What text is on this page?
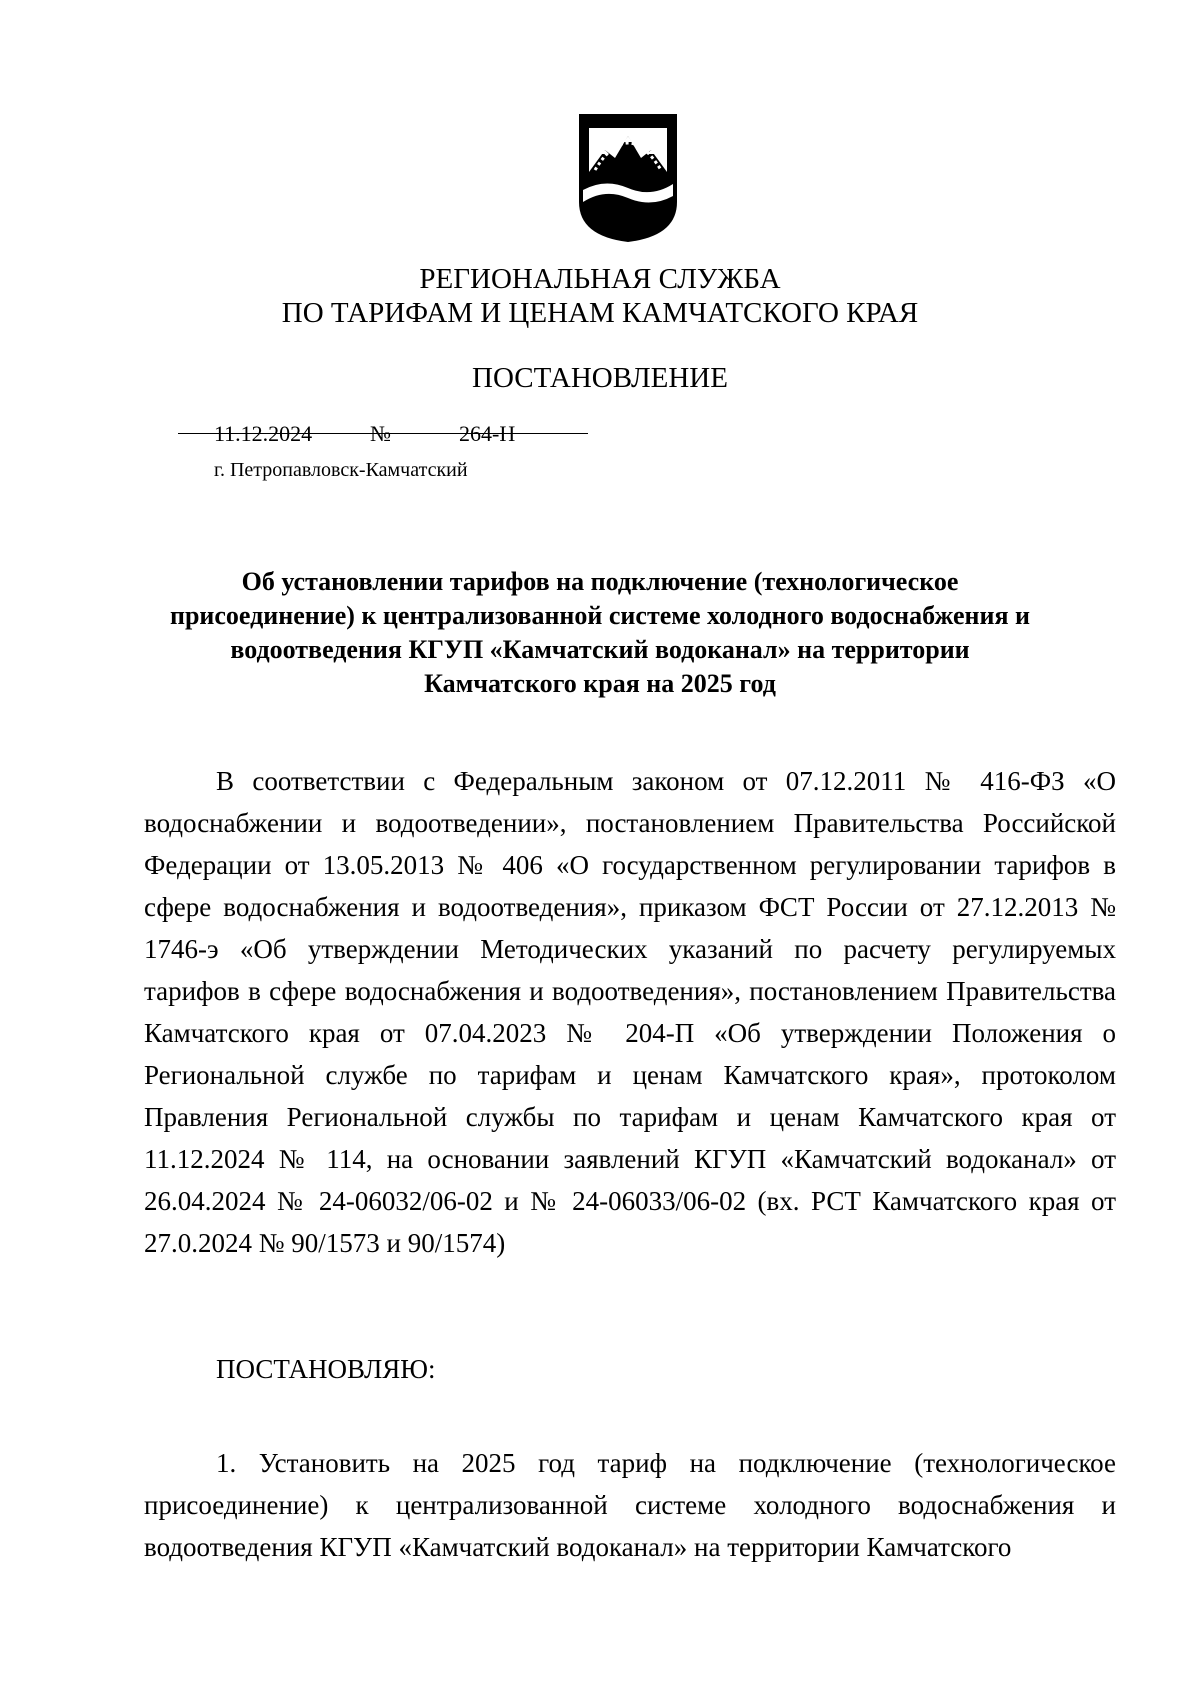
РЕГИОНАЛЬНАЯ СЛУЖБА
ПО ТАРИФАМ И ЦЕНАМ КАМЧАТСКОГО КРАЯ
ПОСТАНОВЛЕНИЕ
11.12.2024	№	264-Н
г. Петропавловск-Камчатский
Об установлении тарифов на подключение (технологическое
присоединение) к централизованной системе холодного водоснабжения и
водоотведения КГУП «Камчатский водоканал» на территории
Камчатского края на 2025 год

В соответствии с Федеральным законом от 07.12.2011 № 416-ФЗ «О водоснабжении и водоотведении», постановлением Правительства Российской Федерации от 13.05.2013 № 406 «О государственном регулировании тарифов в сфере водоснабжения и водоотведения», приказом ФСТ России от 27.12.2013 № 1746-э «Об утверждении Методических указаний по расчету регулируемых тарифов в сфере водоснабжения и водоотведения», постановлением Правительства Камчатского края от 07.04.2023 № 204-П «Об утверждении Положения о Региональной службе по тарифам и ценам Камчатского края», протоколом Правления Региональной службы по тарифам и ценам Камчатского края от 11.12.2024 № 114, на основании заявлений КГУП «Камчатский водоканал» от 26.04.2024 № 24-06032/06-02 и № 24-06033/06-02 (вх. РСТ Камчатского края от 27.0.2024 № 90/1573 и 90/1574)

ПОСТАНОВЛЯЮ:

1. Установить на 2025 год тариф на подключение (технологическое присоединение) к централизованной системе холодного водоснабжения и водоотведения КГУП «Камчатский водоканал» на территории Камчатского
